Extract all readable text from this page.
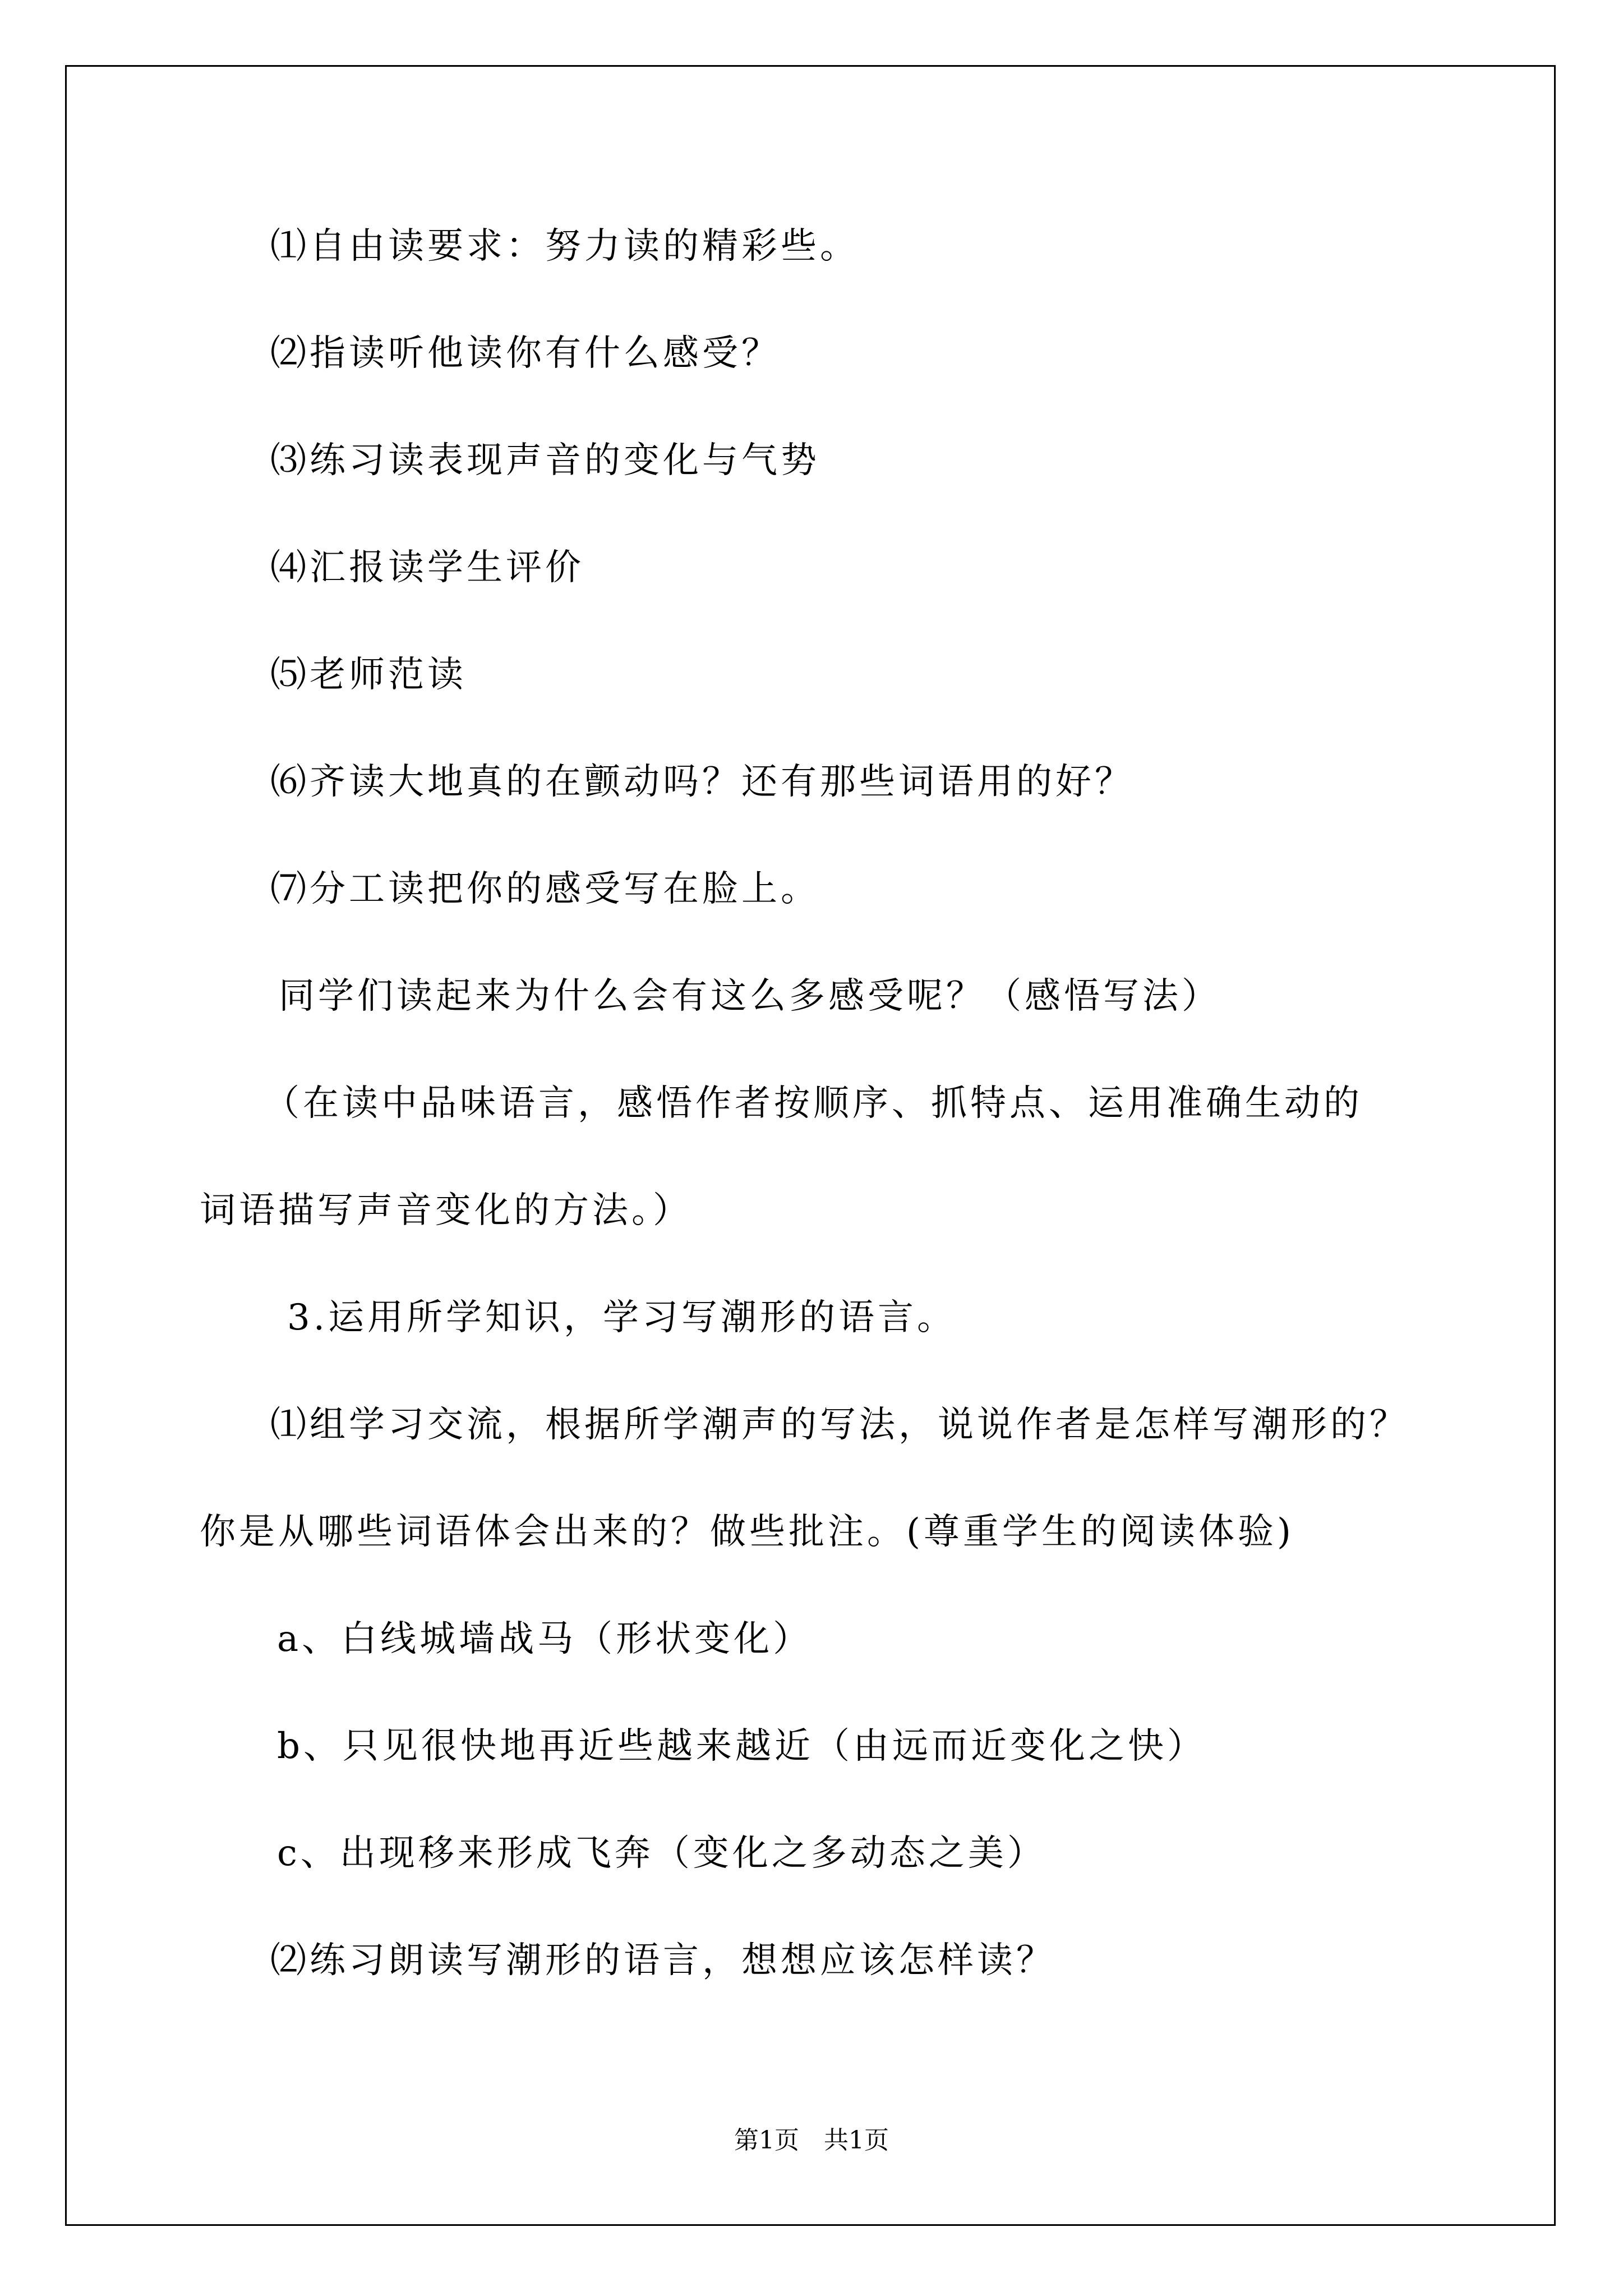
⑴自由读要求：努力读的精彩些。
⑵指读听他读你有什么感受？
⑶练习读表现声音的变化与气势
⑷汇报读学生评价
⑸老师范读
⑹齐读大地真的在颤动吗？还有那些词语用的好？
⑺分工读把你的感受写在脸上。
同学们读起来为什么会有这么多感受呢？（感悟写法）
（在读中品味语言，感悟作者按顺序、抓特点、运用准确生动的
词语描写声音变化的方法。）
3.运用所学知识，学习写潮形的语言。
⑴组学习交流，根据所学潮声的写法，说说作者是怎样写潮形的？
你是从哪些词语体会出来的？做些批注。(尊重学生的阅读体验)
a、白线城墙战马（形状变化）
b、只见很快地再近些越来越近（由远而近变化之快）
c、出现移来形成飞奔（变化之多动态之美）
⑵练习朗读写潮形的语言，想想应该怎样读？
第1页　共1页
